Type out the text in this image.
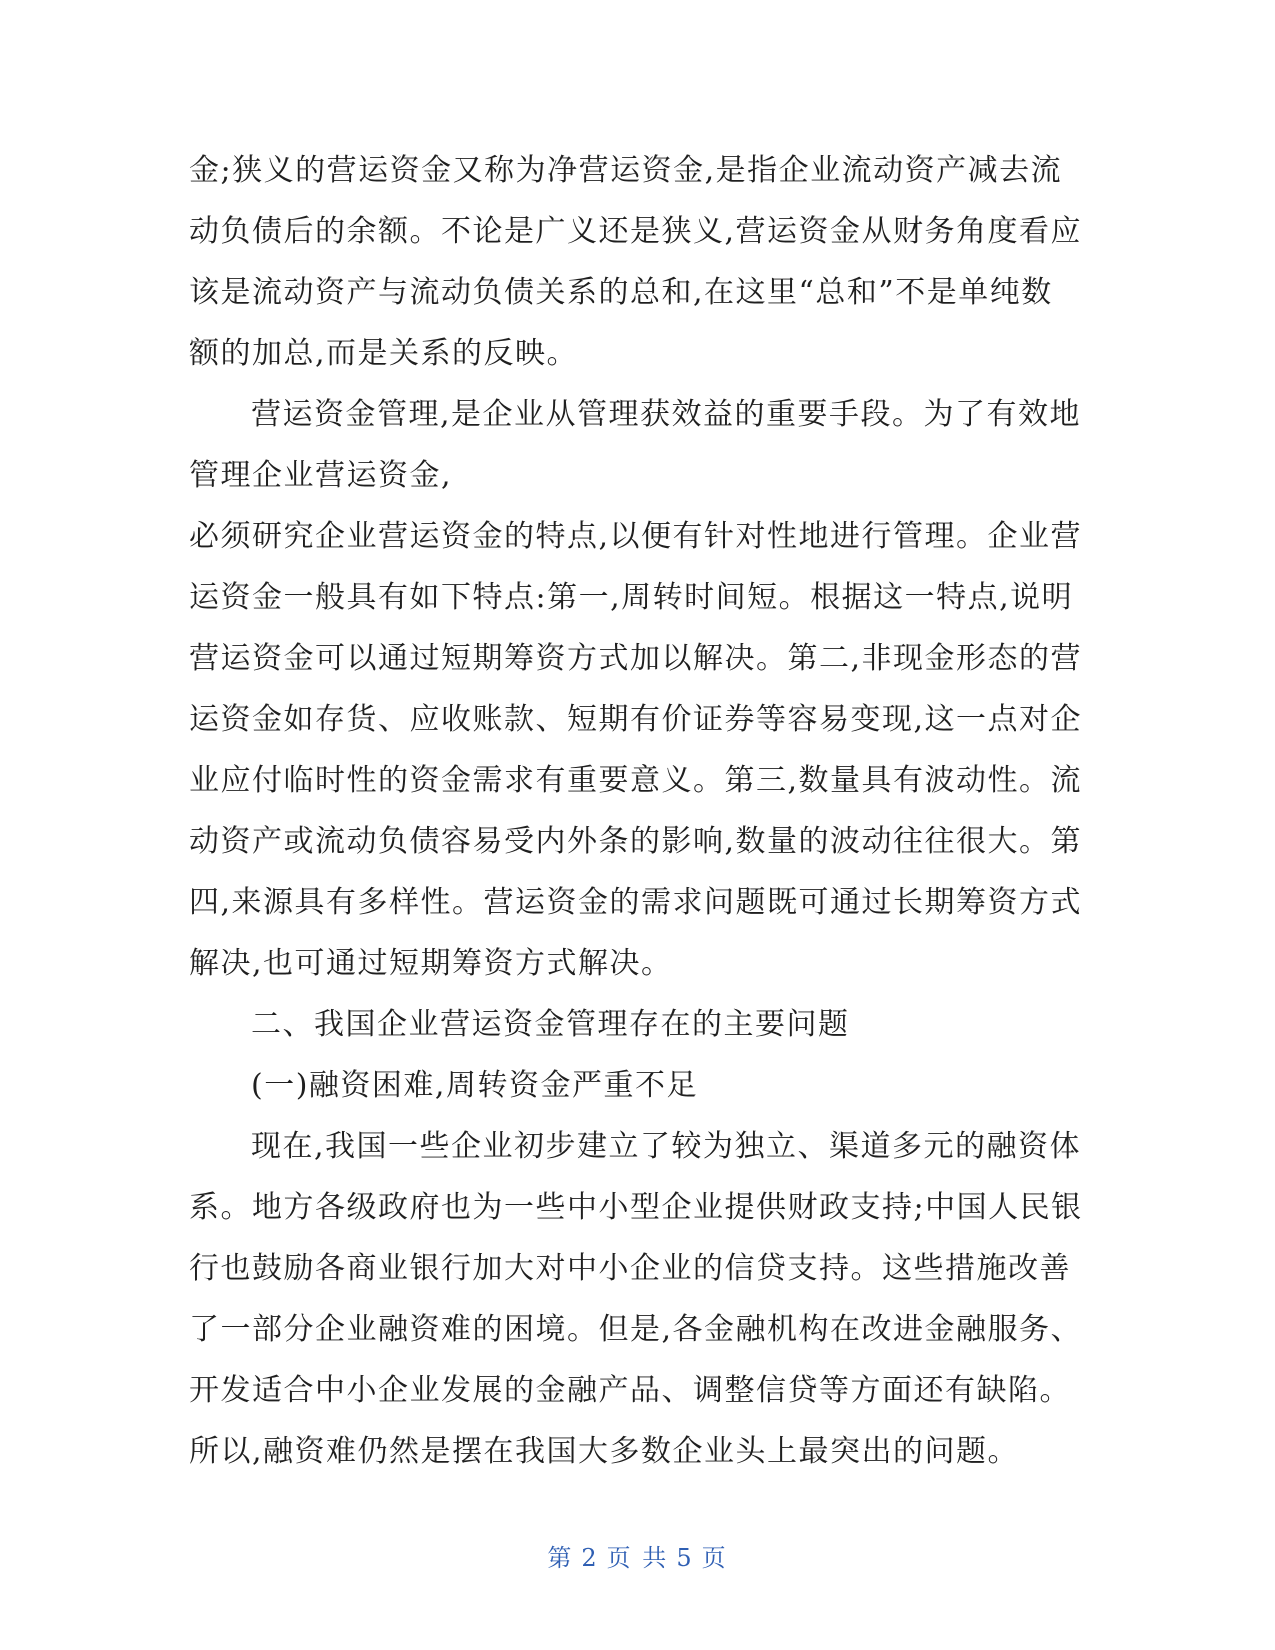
金;狭义的营运资金又称为净营运资金,是指企业流动资产减去流
动负债后的余额。不论是广义还是狭义,营运资金从财务角度看应
该是流动资产与流动负债关系的总和,在这里“总和”不是单纯数
额的加总,而是关系的反映。
营运资金管理,是企业从管理获效益的重要手段。为了有效地
管理企业营运资金,
必须研究企业营运资金的特点,以便有针对性地进行管理。企业营
运资金一般具有如下特点:第一,周转时间短。根据这一特点,说明
营运资金可以通过短期筹资方式加以解决。第二,非现金形态的营
运资金如存货、应收账款、短期有价证券等容易变现,这一点对企
业应付临时性的资金需求有重要意义。第三,数量具有波动性。流
动资产或流动负债容易受内外条的影响,数量的波动往往很大。第
四,来源具有多样性。营运资金的需求问题既可通过长期筹资方式
解决,也可通过短期筹资方式解决。
二、我国企业营运资金管理存在的主要问题
(一)融资困难,周转资金严重不足
现在,我国一些企业初步建立了较为独立、渠道多元的融资体
系。地方各级政府也为一些中小型企业提供财政支持;中国人民银
行也鼓励各商业银行加大对中小企业的信贷支持。这些措施改善
了一部分企业融资难的困境。但是,各金融机构在改进金融服务、
开发适合中小企业发展的金融产品、调整信贷等方面还有缺陷。
所以,融资难仍然是摆在我国大多数企业头上最突出的问题。
第 2 页 共 5 页
